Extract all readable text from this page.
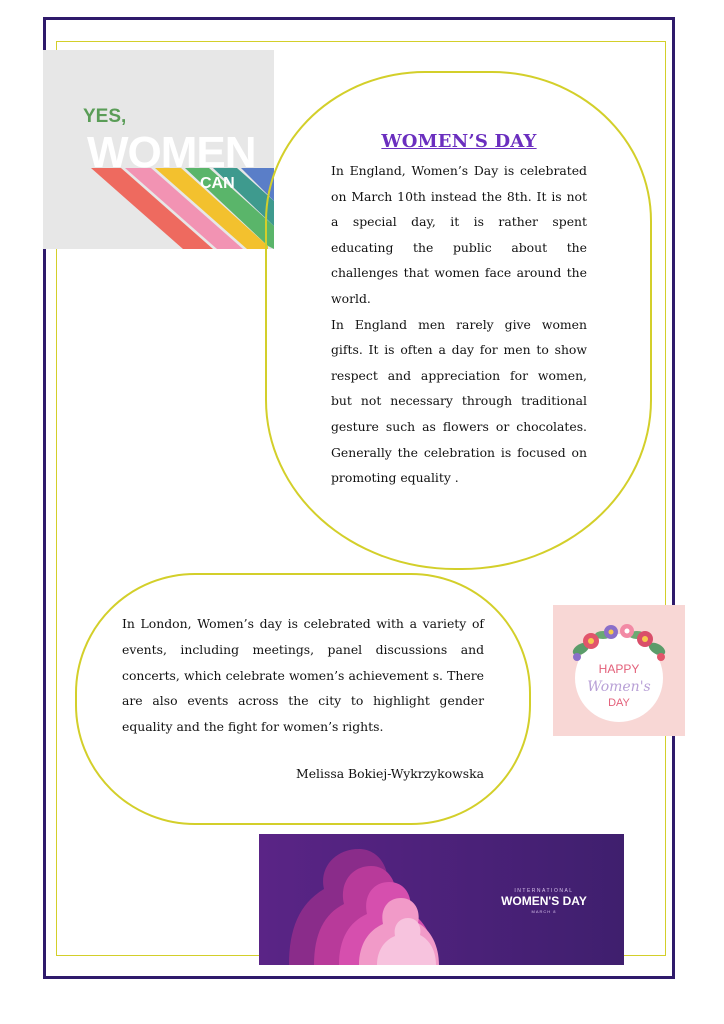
YES,
WOMEN
CAN
WOMEN’S DAY

In England, Women’s Day is celebrated on March 10th instead the 8th. It is not a special day, it is rather spent educating the public about the challenges that women face around the world.

In England men rarely give women gifts. It is often a day for men to show respect and appreciation for women, but not necessary through traditional gesture such as flowers or chocolates. Generally the celebration is focused on promoting equality .

In London, Women’s day is celebrated with a variety of events, including meetings, panel discussions and concerts, which celebrate women’s achievement s. There are also events across the city to highlight gender equality and the fight for women’s rights.
Melissa Bokiej-Wykrzykowska
HAPPY
Women's
DAY
INTERNATIONAL
WOMEN'S DAY
MARCH 8
